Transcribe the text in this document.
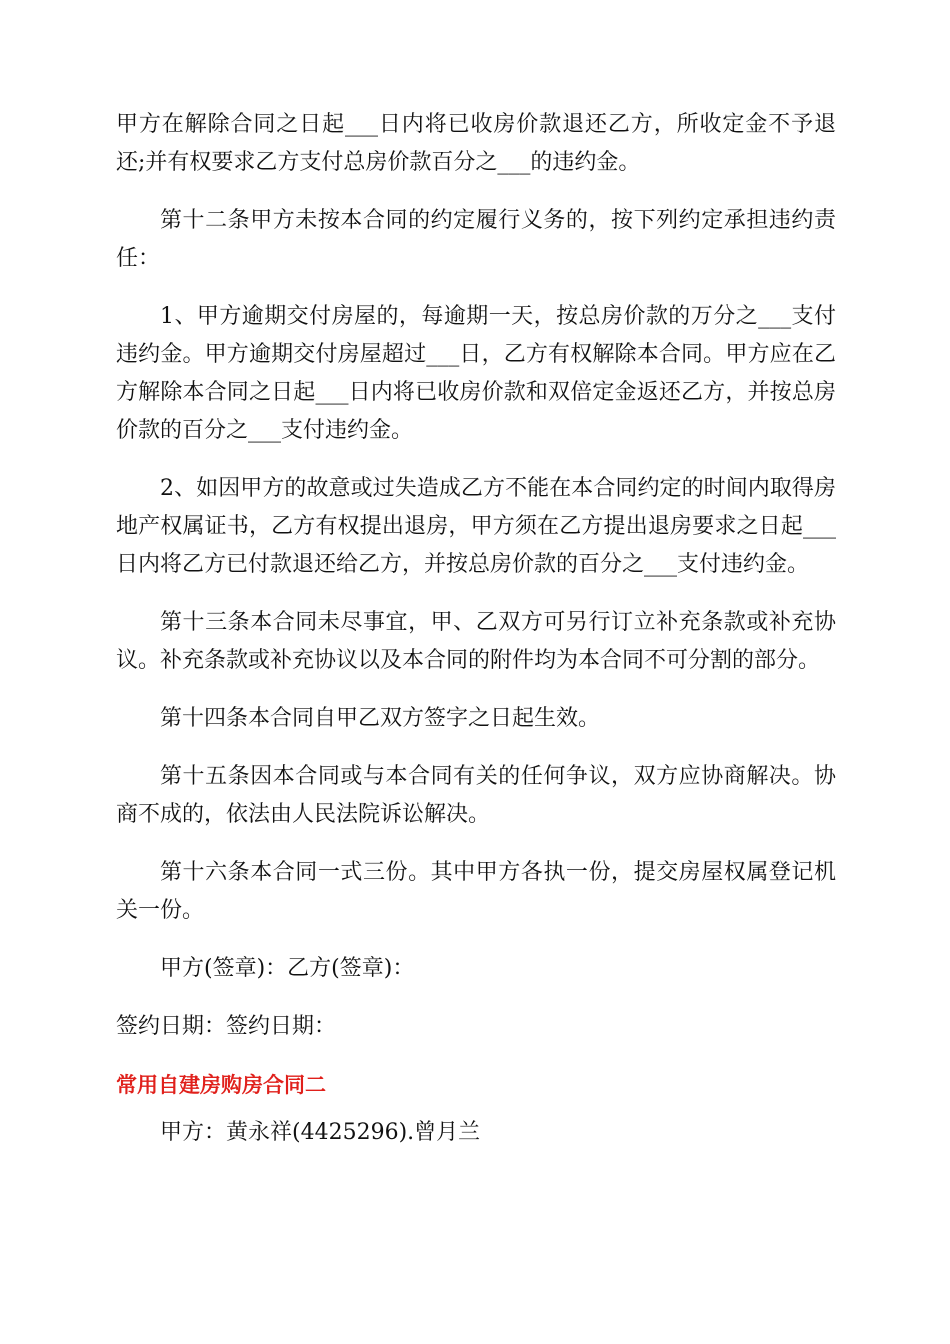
甲方在解除合同之日起___日内将已收房价款退还乙方，所收定金不予退还;并有权要求乙方支付总房价款百分之___的违约金。

第十二条甲方未按本合同的约定履行义务的，按下列约定承担违约责任：

1、甲方逾期交付房屋的，每逾期一天，按总房价款的万分之___支付违约金。甲方逾期交付房屋超过___日，乙方有权解除本合同。甲方应在乙方解除本合同之日起___日内将已收房价款和双倍定金返还乙方，并按总房价款的百分之___支付违约金。

2、如因甲方的故意或过失造成乙方不能在本合同约定的时间内取得房地产权属证书，乙方有权提出退房，甲方须在乙方提出退房要求之日起___日内将乙方已付款退还给乙方，并按总房价款的百分之___支付违约金。

第十三条本合同未尽事宜，甲、乙双方可另行订立补充条款或补充协议。补充条款或补充协议以及本合同的附件均为本合同不可分割的部分。

第十四条本合同自甲乙双方签字之日起生效。

第十五条因本合同或与本合同有关的任何争议，双方应协商解决。协商不成的，依法由人民法院诉讼解决。

第十六条本合同一式三份。其中甲方各执一份，提交房屋权属登记机关一份。

甲方(签章)：乙方(签章)：

签约日期：签约日期：

常用自建房购房合同二

甲方：黄永祥(4425296).曾月兰
